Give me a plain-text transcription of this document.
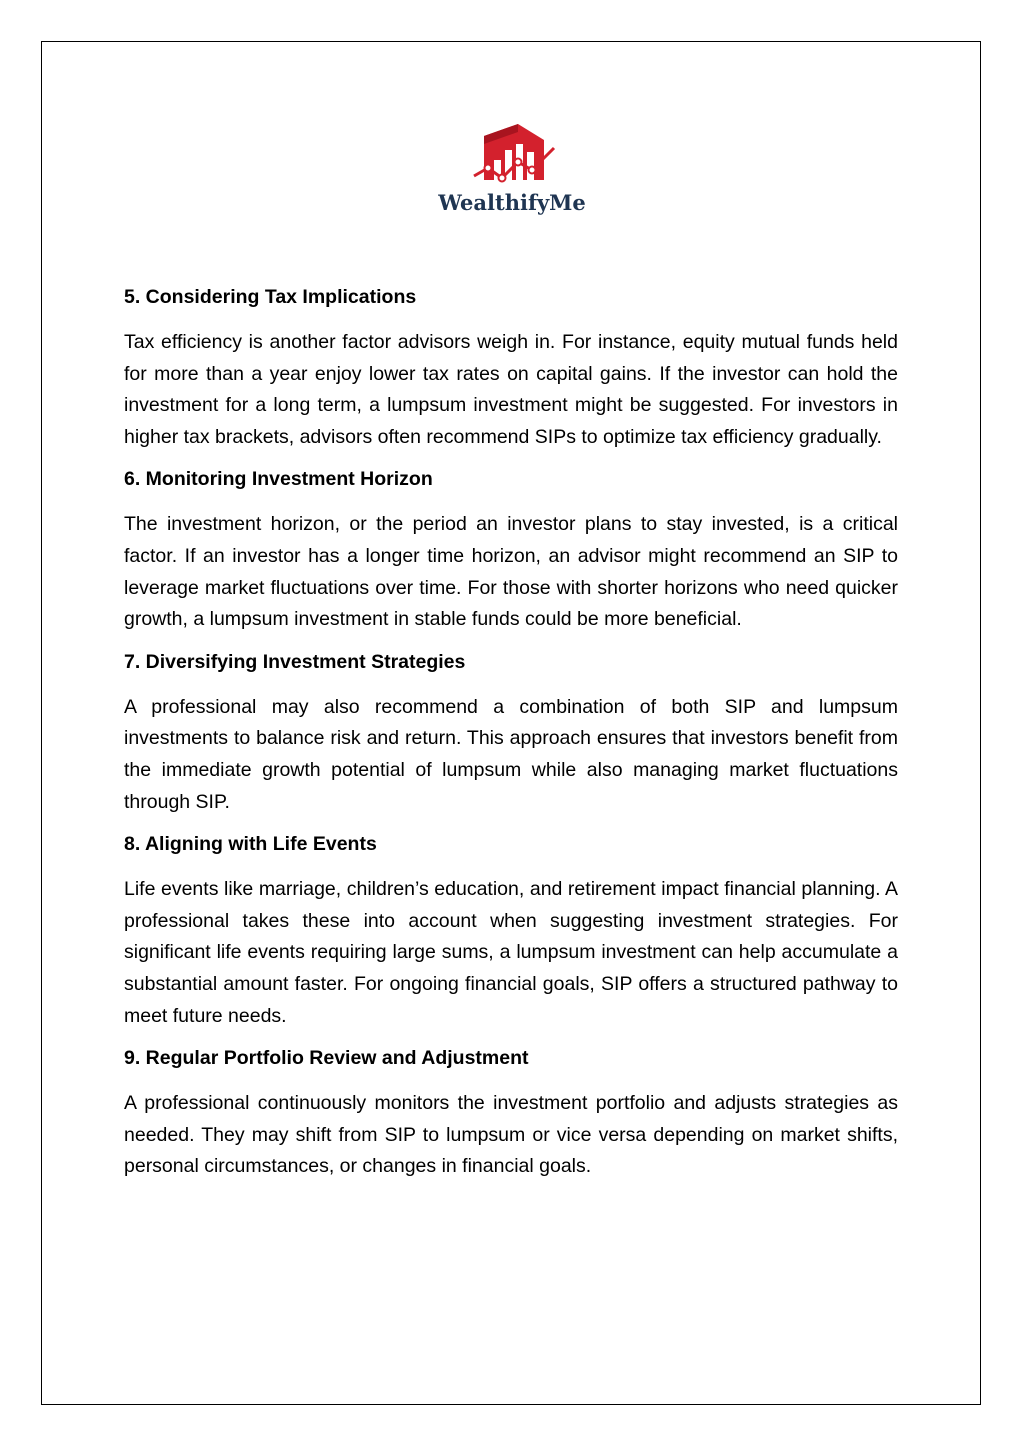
WealthifyMe
5. Considering Tax Implications

Tax efficiency is another factor advisors weigh in. For instance, equity mutual funds held for more than a year enjoy lower tax rates on capital gains. If the investor can hold the investment for a long term, a lumpsum investment might be suggested. For investors in higher tax brackets, advisors often recommend SIPs to optimize tax efficiency gradually.

6. Monitoring Investment Horizon

The investment horizon, or the period an investor plans to stay invested, is a critical factor. If an investor has a longer time horizon, an advisor might recommend an SIP to leverage market fluctuations over time. For those with shorter horizons who need quicker growth, a lumpsum investment in stable funds could be more beneficial.

7. Diversifying Investment Strategies

A professional may also recommend a combination of both SIP and lumpsum investments to balance risk and return. This approach ensures that investors benefit from the immediate growth potential of lumpsum while also managing market fluctuations through SIP.

8. Aligning with Life Events

Life events like marriage, children’s education, and retirement impact financial planning. A professional takes these into account when suggesting investment strategies. For significant life events requiring large sums, a lumpsum investment can help accumulate a substantial amount faster. For ongoing financial goals, SIP offers a structured pathway to meet future needs.

9. Regular Portfolio Review and Adjustment

A professional continuously monitors the investment portfolio and adjusts strategies as needed. They may shift from SIP to lumpsum or vice versa depending on market shifts, personal circumstances, or changes in financial goals.
